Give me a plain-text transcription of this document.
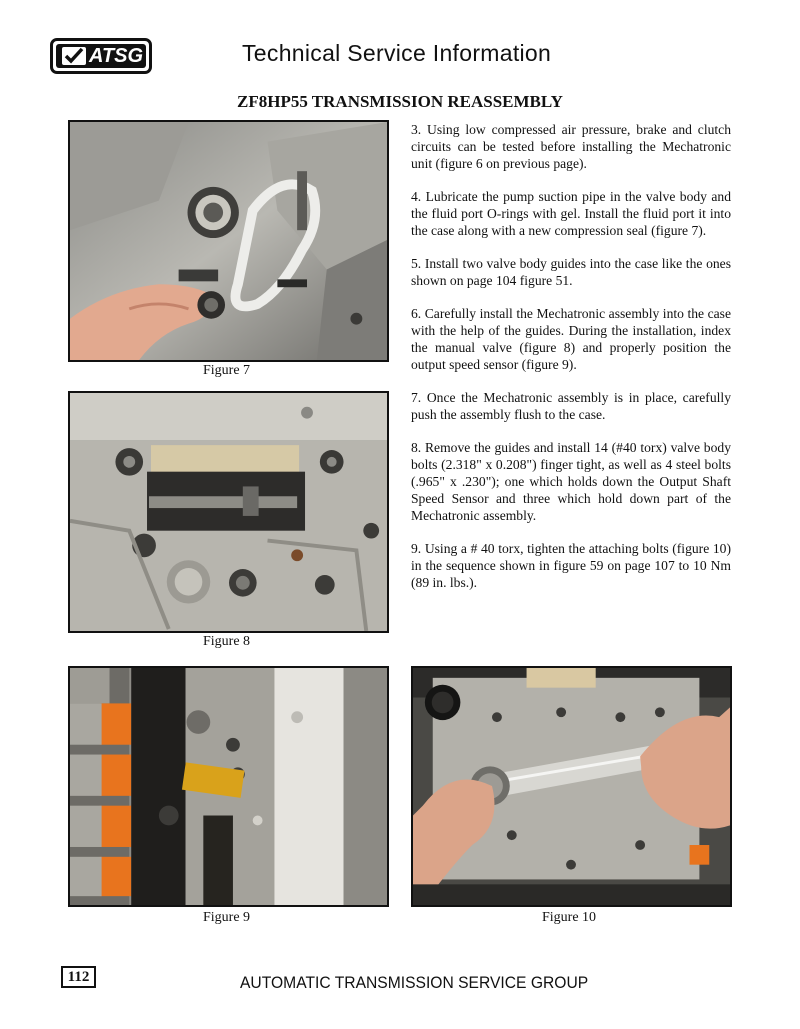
ATSG	Technical Service Information
ZF8HP55 TRANSMISSION REASSEMBLY
Figure 7
Figure 8
Figure 9	Figure 10

3. Using low compressed air pressure, brake and clutch circuits can be tested before installing the Mechatronic unit (figure 6 on previous page).

4. Lubricate the pump suction pipe in the valve body and the fluid port O-rings with gel. Install the fluid port it into the case along with a new compression seal (figure 7).

5. Install two valve body guides into the case like the ones shown on page 104 figure 51.

6. Carefully install the Mechatronic assembly into the case with the help of the guides. During the installation, index the manual valve (figure 8) and properly position the output speed sensor (figure 9).

7. Once the Mechatronic assembly is in place, carefully push the assembly flush to the case.

8. Remove the guides and install 14 (#40 torx) valve body bolts (2.318" x 0.208") finger tight, as well as 4 steel bolts (.965" x .230"); one which holds down the Output Shaft Speed Sensor and three which hold down part of the Mechatronic assembly.

9. Using a # 40 torx, tighten the attaching bolts (figure 10) in the sequence shown in figure 59 on page 107 to 10 Nm (89 in. lbs.).

112	AUTOMATIC TRANSMISSION SERVICE GROUP
